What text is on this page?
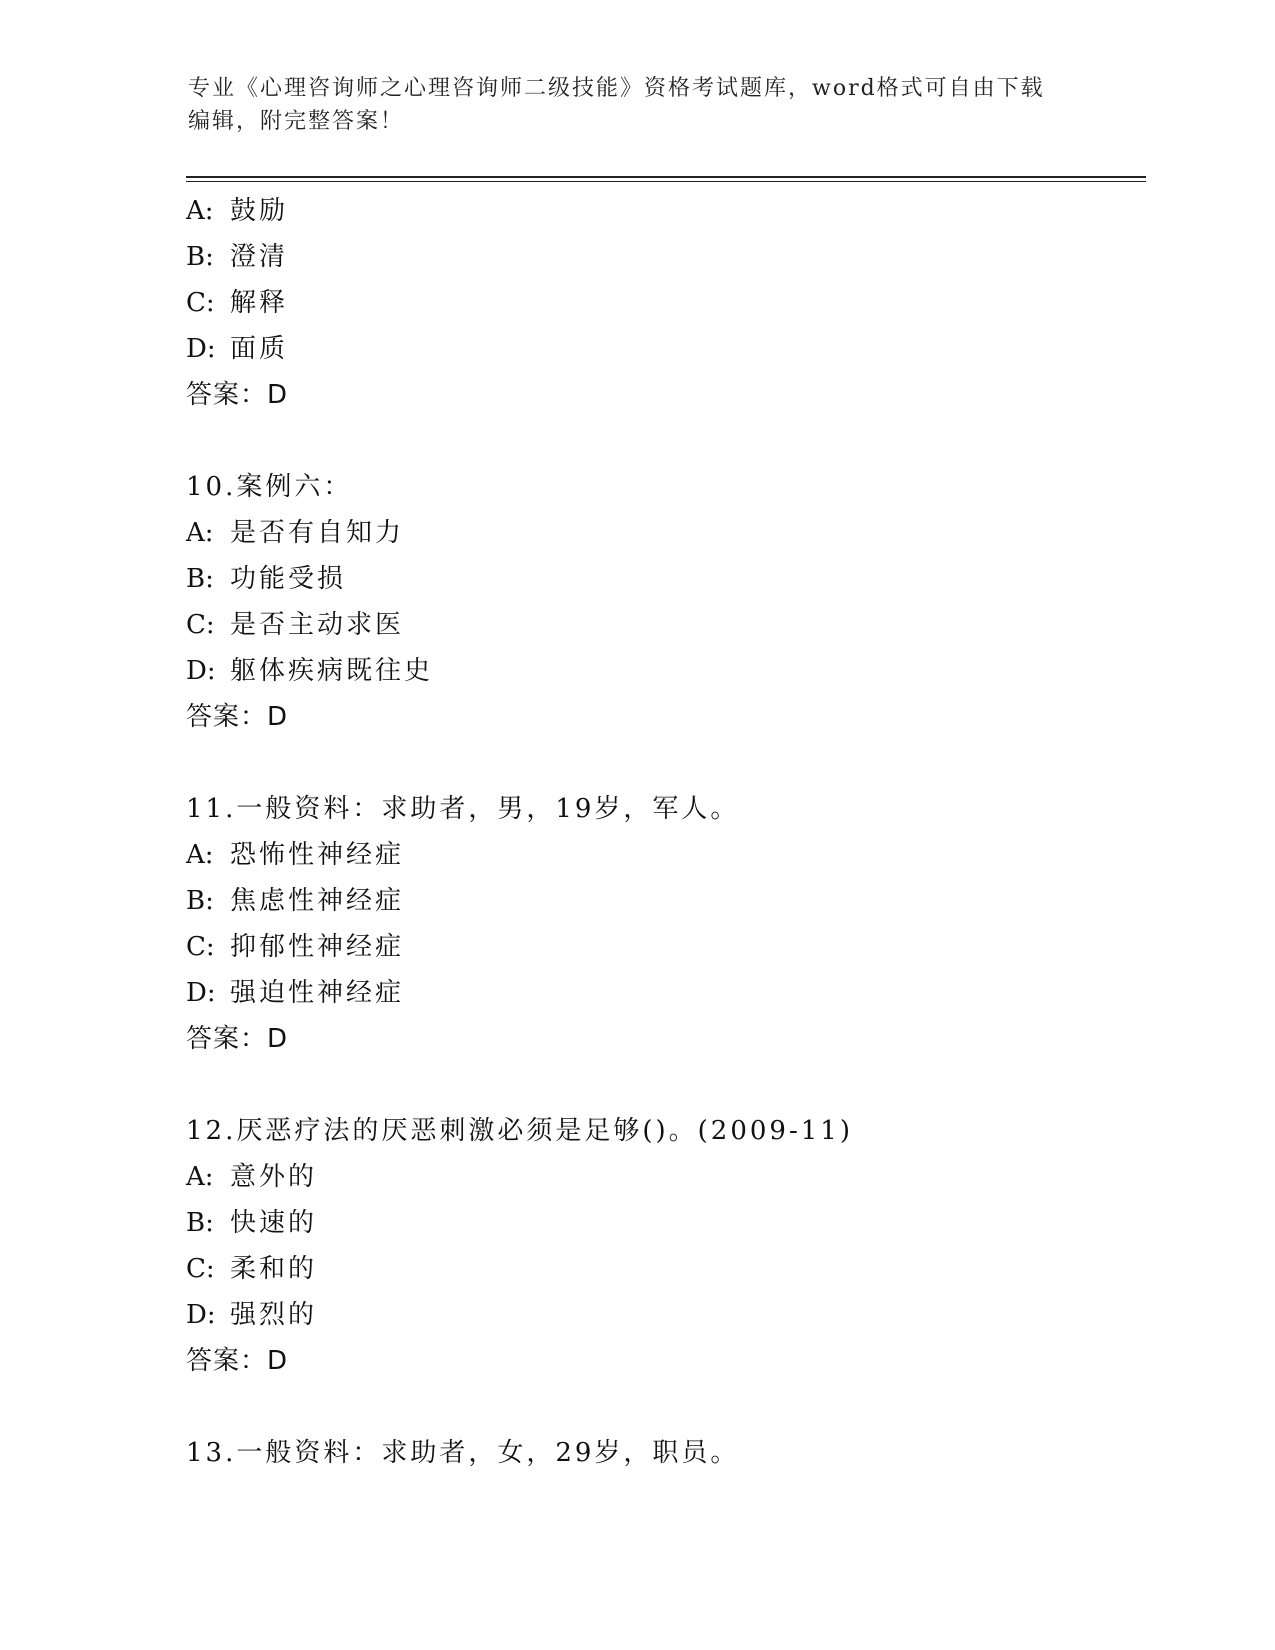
专业《心理咨询师之心理咨询师二级技能》资格考试题库，word格式可自由下载
编辑，附完整答案！
A: 鼓励
B: 澄清
C: 解释
D: 面质
答案：D
10.案例六：
A: 是否有自知力
B: 功能受损
C: 是否主动求医
D: 躯体疾病既往史
答案：D
11.一般资料：求助者，男，19岁，军人。
A: 恐怖性神经症
B: 焦虑性神经症
C: 抑郁性神经症
D: 强迫性神经症
答案：D
12.厌恶疗法的厌恶刺激必须是足够()。(2009-11)
A: 意外的
B: 快速的
C: 柔和的
D: 强烈的
答案：D
13.一般资料：求助者，女，29岁，职员。
